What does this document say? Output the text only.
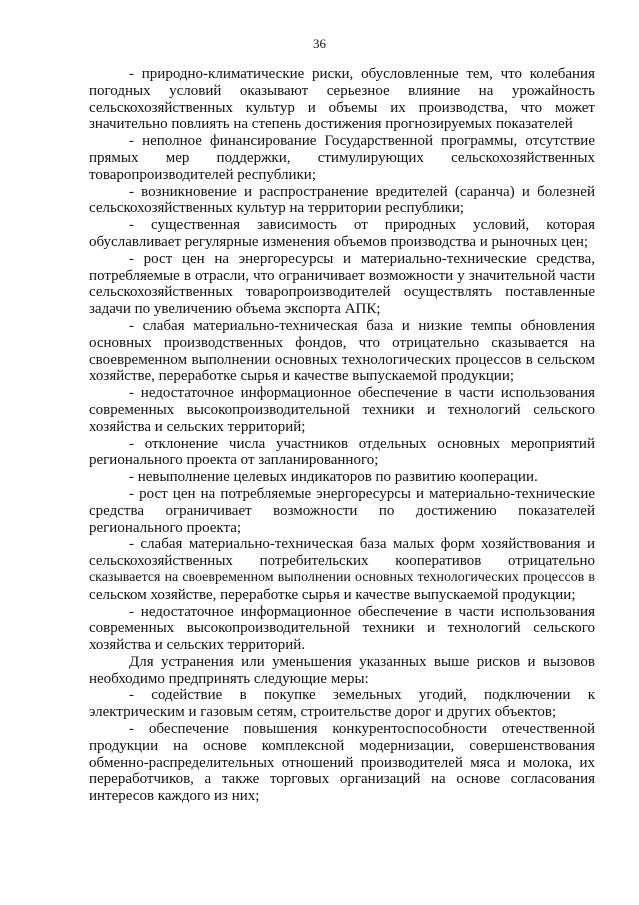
36
- природно-климатические риски, обусловленные тем, что колебания
погодных условий оказывают серьезное влияние на урожайность
сельскохозяйственных культур и объемы их производства, что может
значительно повлиять на степень достижения прогнозируемых показателей
- неполное финансирование Государственной программы, отсутствие
прямых мер поддержки, стимулирующих сельскохозяйственных
товаропроизводителей республики;
- возникновение и распространение вредителей (саранча) и болезней
сельскохозяйственных культур на территории республики;
- существенная зависимость от природных условий, которая
обуславливает регулярные изменения объемов производства и рыночных цен;
- рост цен на энергоресурсы и материально-технические средства,
потребляемые в отрасли, что ограничивает возможности у значительной части
сельскохозяйственных товаропроизводителей осуществлять поставленные
задачи по увеличению объема экспорта АПК;
- слабая материально-техническая база и низкие темпы обновления
основных производственных фондов, что отрицательно сказывается на
своевременном выполнении основных технологических процессов в сельском
хозяйстве, переработке сырья и качестве выпускаемой продукции;
- недостаточное информационное обеспечение в части использования
современных высокопроизводительной техники и технологий сельского
хозяйства и сельских территорий;
- отклонение числа участников отдельных основных мероприятий
регионального проекта от запланированного;
- невыполнение целевых индикаторов по развитию кооперации.
- рост цен на потребляемые энергоресурсы и материально-технические
средства ограничивает возможности по достижению показателей
регионального проекта;
- слабая материально-техническая база малых форм хозяйствования и
сельскохозяйственных потребительских кооперативов отрицательно
сказывается на своевременном выполнении основных технологических процессов в
сельском хозяйстве, переработке сырья и качестве выпускаемой продукции;
- недостаточное информационное обеспечение в части использования
современных высокопроизводительной техники и технологий сельского
хозяйства и сельских территорий.
Для устранения или уменьшения указанных выше рисков и вызовов
необходимо предпринять следующие меры:
- содействие в покупке земельных угодий, подключении к
электрическим и газовым сетям, строительстве дорог и других объектов;
- обеспечение повышения конкурентоспособности отечественной
продукции на основе комплексной модернизации, совершенствования
обменно-распределительных отношений производителей мяса и молока, их
переработчиков, а также торговых организаций на основе согласования
интересов каждого из них;
